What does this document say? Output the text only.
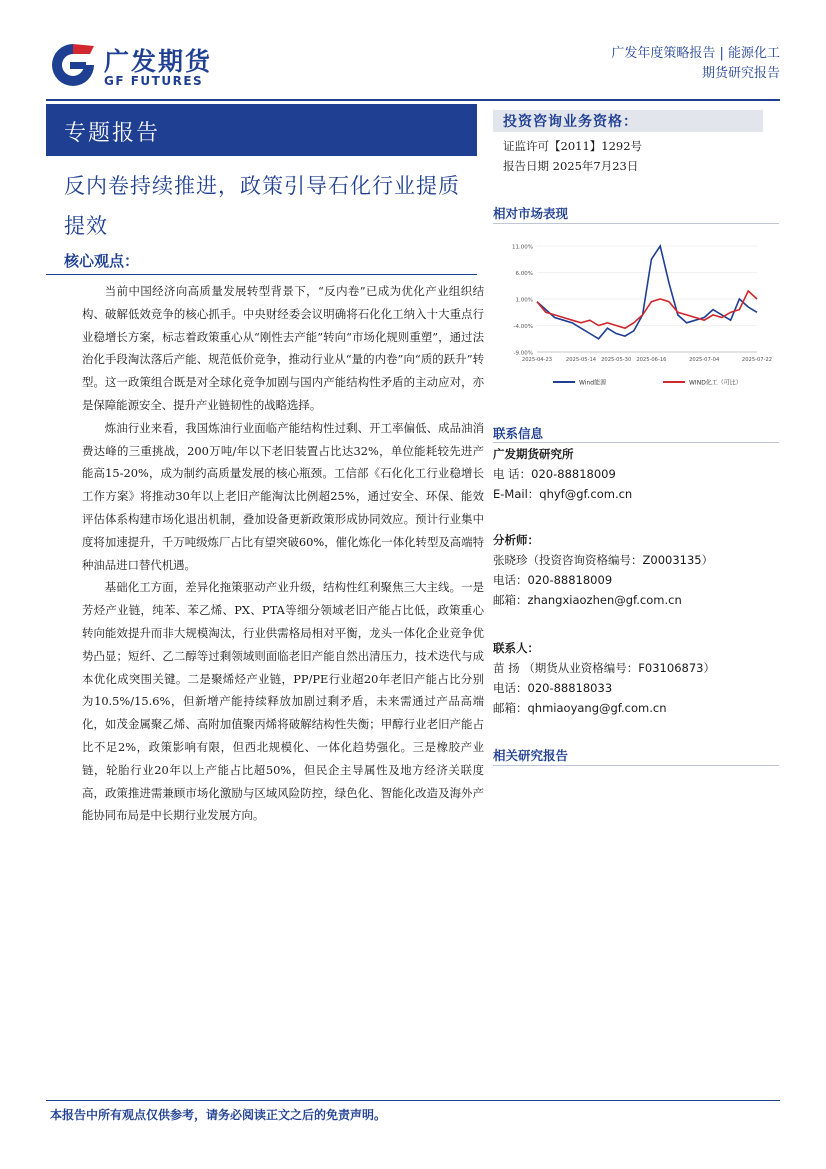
广发期货
GF FUTURES
广发年度策略报告 | 能源化工
期货研究报告
专题报告
反内卷持续推进，政策引导石化行业提质提效
核心观点：

当前中国经济向高质量发展转型背景下，“反内卷”已成为优化产业组织结构、破解低效竞争的核心抓手。中央财经委会议明确将石化化工纳入十大重点行业稳增长方案，标志着政策重心从“刚性去产能”转向“市场化规则重塑”，通过法治化手段淘汰落后产能、规范低价竞争，推动行业从“量的内卷”向“质的跃升”转型。这一政策组合既是对全球化竞争加剧与国内产能结构性矛盾的主动应对，亦是保障能源安全、提升产业链韧性的战略选择。

炼油行业来看，我国炼油行业面临产能结构性过剩、开工率偏低、成品油消费达峰的三重挑战，200万吨/年以下老旧装置占比达32%，单位能耗较先进产能高15-20%，成为制约高质量发展的核心瓶颈。工信部《石化化工行业稳增长工作方案》将推动30年以上老旧产能淘汰比例超25%，通过安全、环保、能效评估体系构建市场化退出机制，叠加设备更新政策形成协同效应。预计行业集中度将加速提升，千万吨级炼厂占比有望突破60%，催化炼化一体化转型及高端特种油品进口替代机遇。

基础化工方面，差异化拖策驱动产业升级，结构性红利聚焦三大主线。一是芳烃产业链，纯苯、苯乙烯、PX、PTA等细分领域老旧产能占比低，政策重心转向能效提升而非大规模淘汰，行业供需格局相对平衡，龙头一体化企业竞争优势凸显；短纤、乙二醇等过剩领域则面临老旧产能自然出清压力，技术迭代与成本优化成突围关键。二是聚烯烃产业链，PP/PE行业超20年老旧产能占比分别为10.5%/15.6%，但新增产能持续释放加剧过剩矛盾，未来需通过产品高端化，如茂金属聚乙烯、高附加值聚丙烯将破解结构性失衡；甲醇行业老旧产能占比不足2%，政策影响有限，但西北规模化、一体化趋势强化。三是橡胶产业链，轮胎行业20年以上产能占比超50%，但民企主导属性及地方经济关联度高，政策推进需兼顾市场化激励与区域风险防控，绿色化、智能化改造及海外产能协同布局是中长期行业发展方向。

投资咨询业务资格：
证监许可【2011】1292号
报告日期 2025年7月23日
相对市场表现
11.00%
6.00%
1.00%
-4.00%
-9.00%
2025-04-23	2025-05-14 2025-05-30 2025-06-16	2025-07-04	2025-07-22
Wind能源	WIND化工（可比）
联系信息
广发期货研究所
电 话：020-88818009
E-Mail：qhyf@gf.com.cn
分析师：
张晓珍（投资咨询资格编号：Z0003135）
电话：020-88818009
邮箱：zhangxiaozhen@gf.com.cn
联系人：
苗 扬 （期货从业资格编号：F03106873）
电话：020-88818033
邮箱：qhmiaoyang@gf.com.cn
相关研究报告
本报告中所有观点仅供参考，请务必阅读正文之后的免责声明。
